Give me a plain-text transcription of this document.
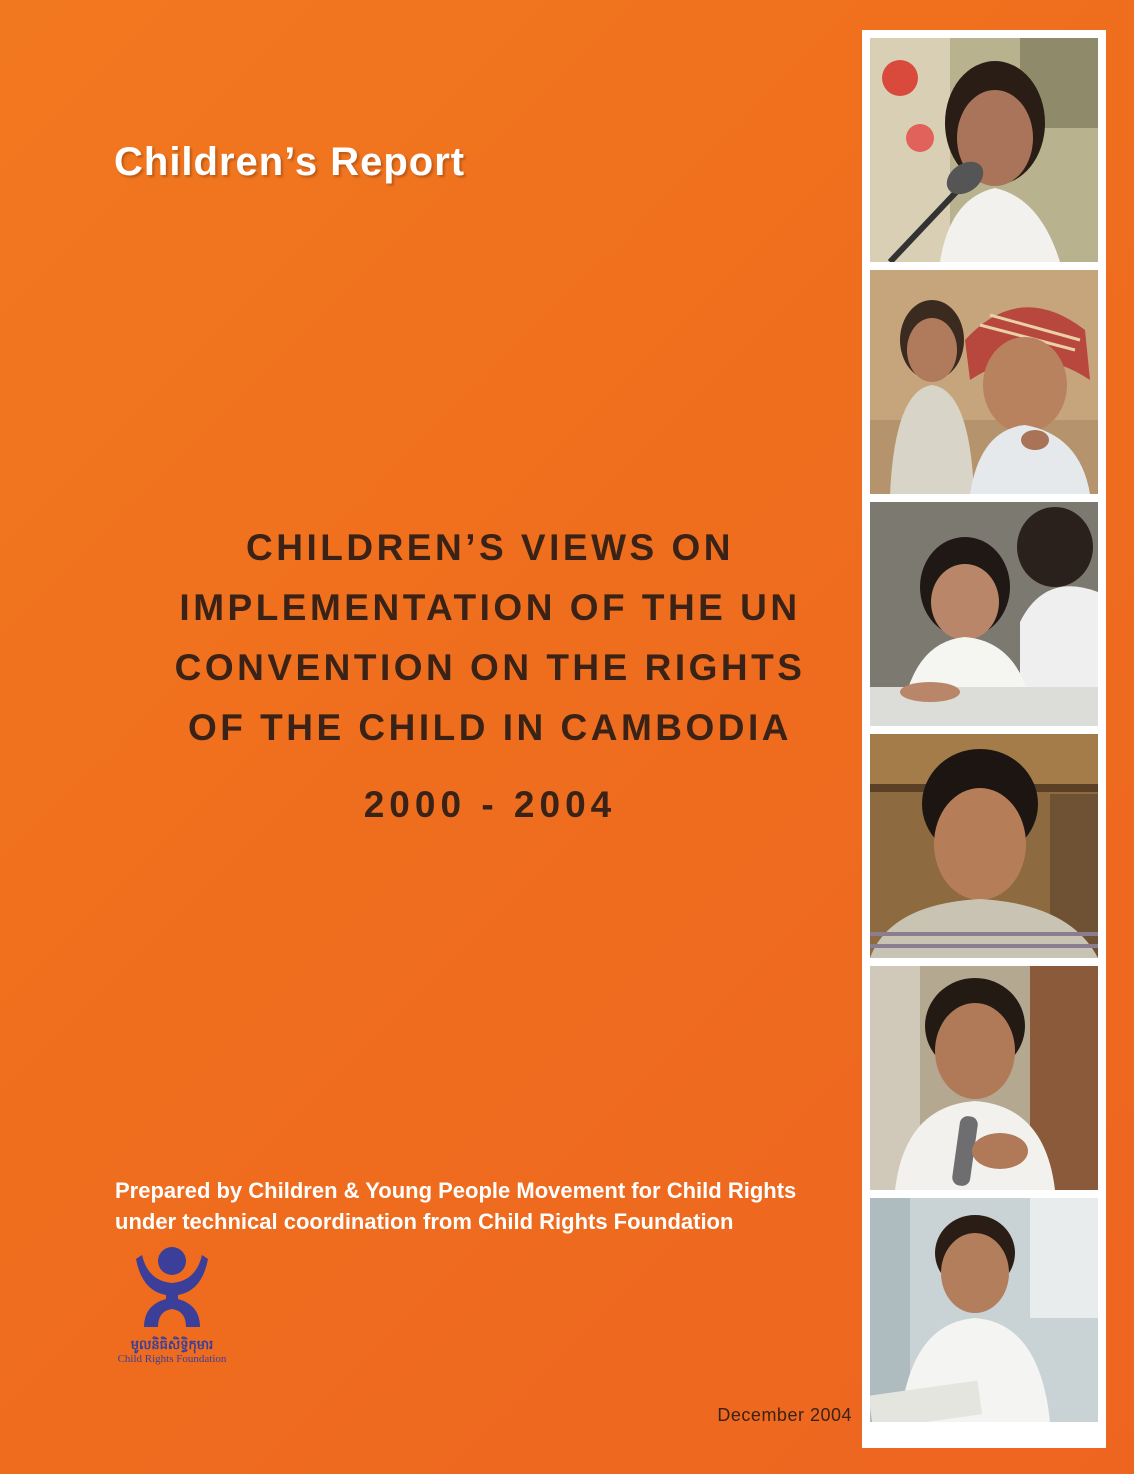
Children’s Report
CHILDREN’S VIEWS ON
IMPLEMENTATION OF THE UN
CONVENTION ON THE RIGHTS
OF THE CHILD IN CAMBODIA
2000 - 2004
Prepared by Children & Young People Movement for Child Rights
under technical coordination from Child Rights Foundation
មូលនិធិសិទ្ធិកុមារ
Child Rights Foundation
December 2004
